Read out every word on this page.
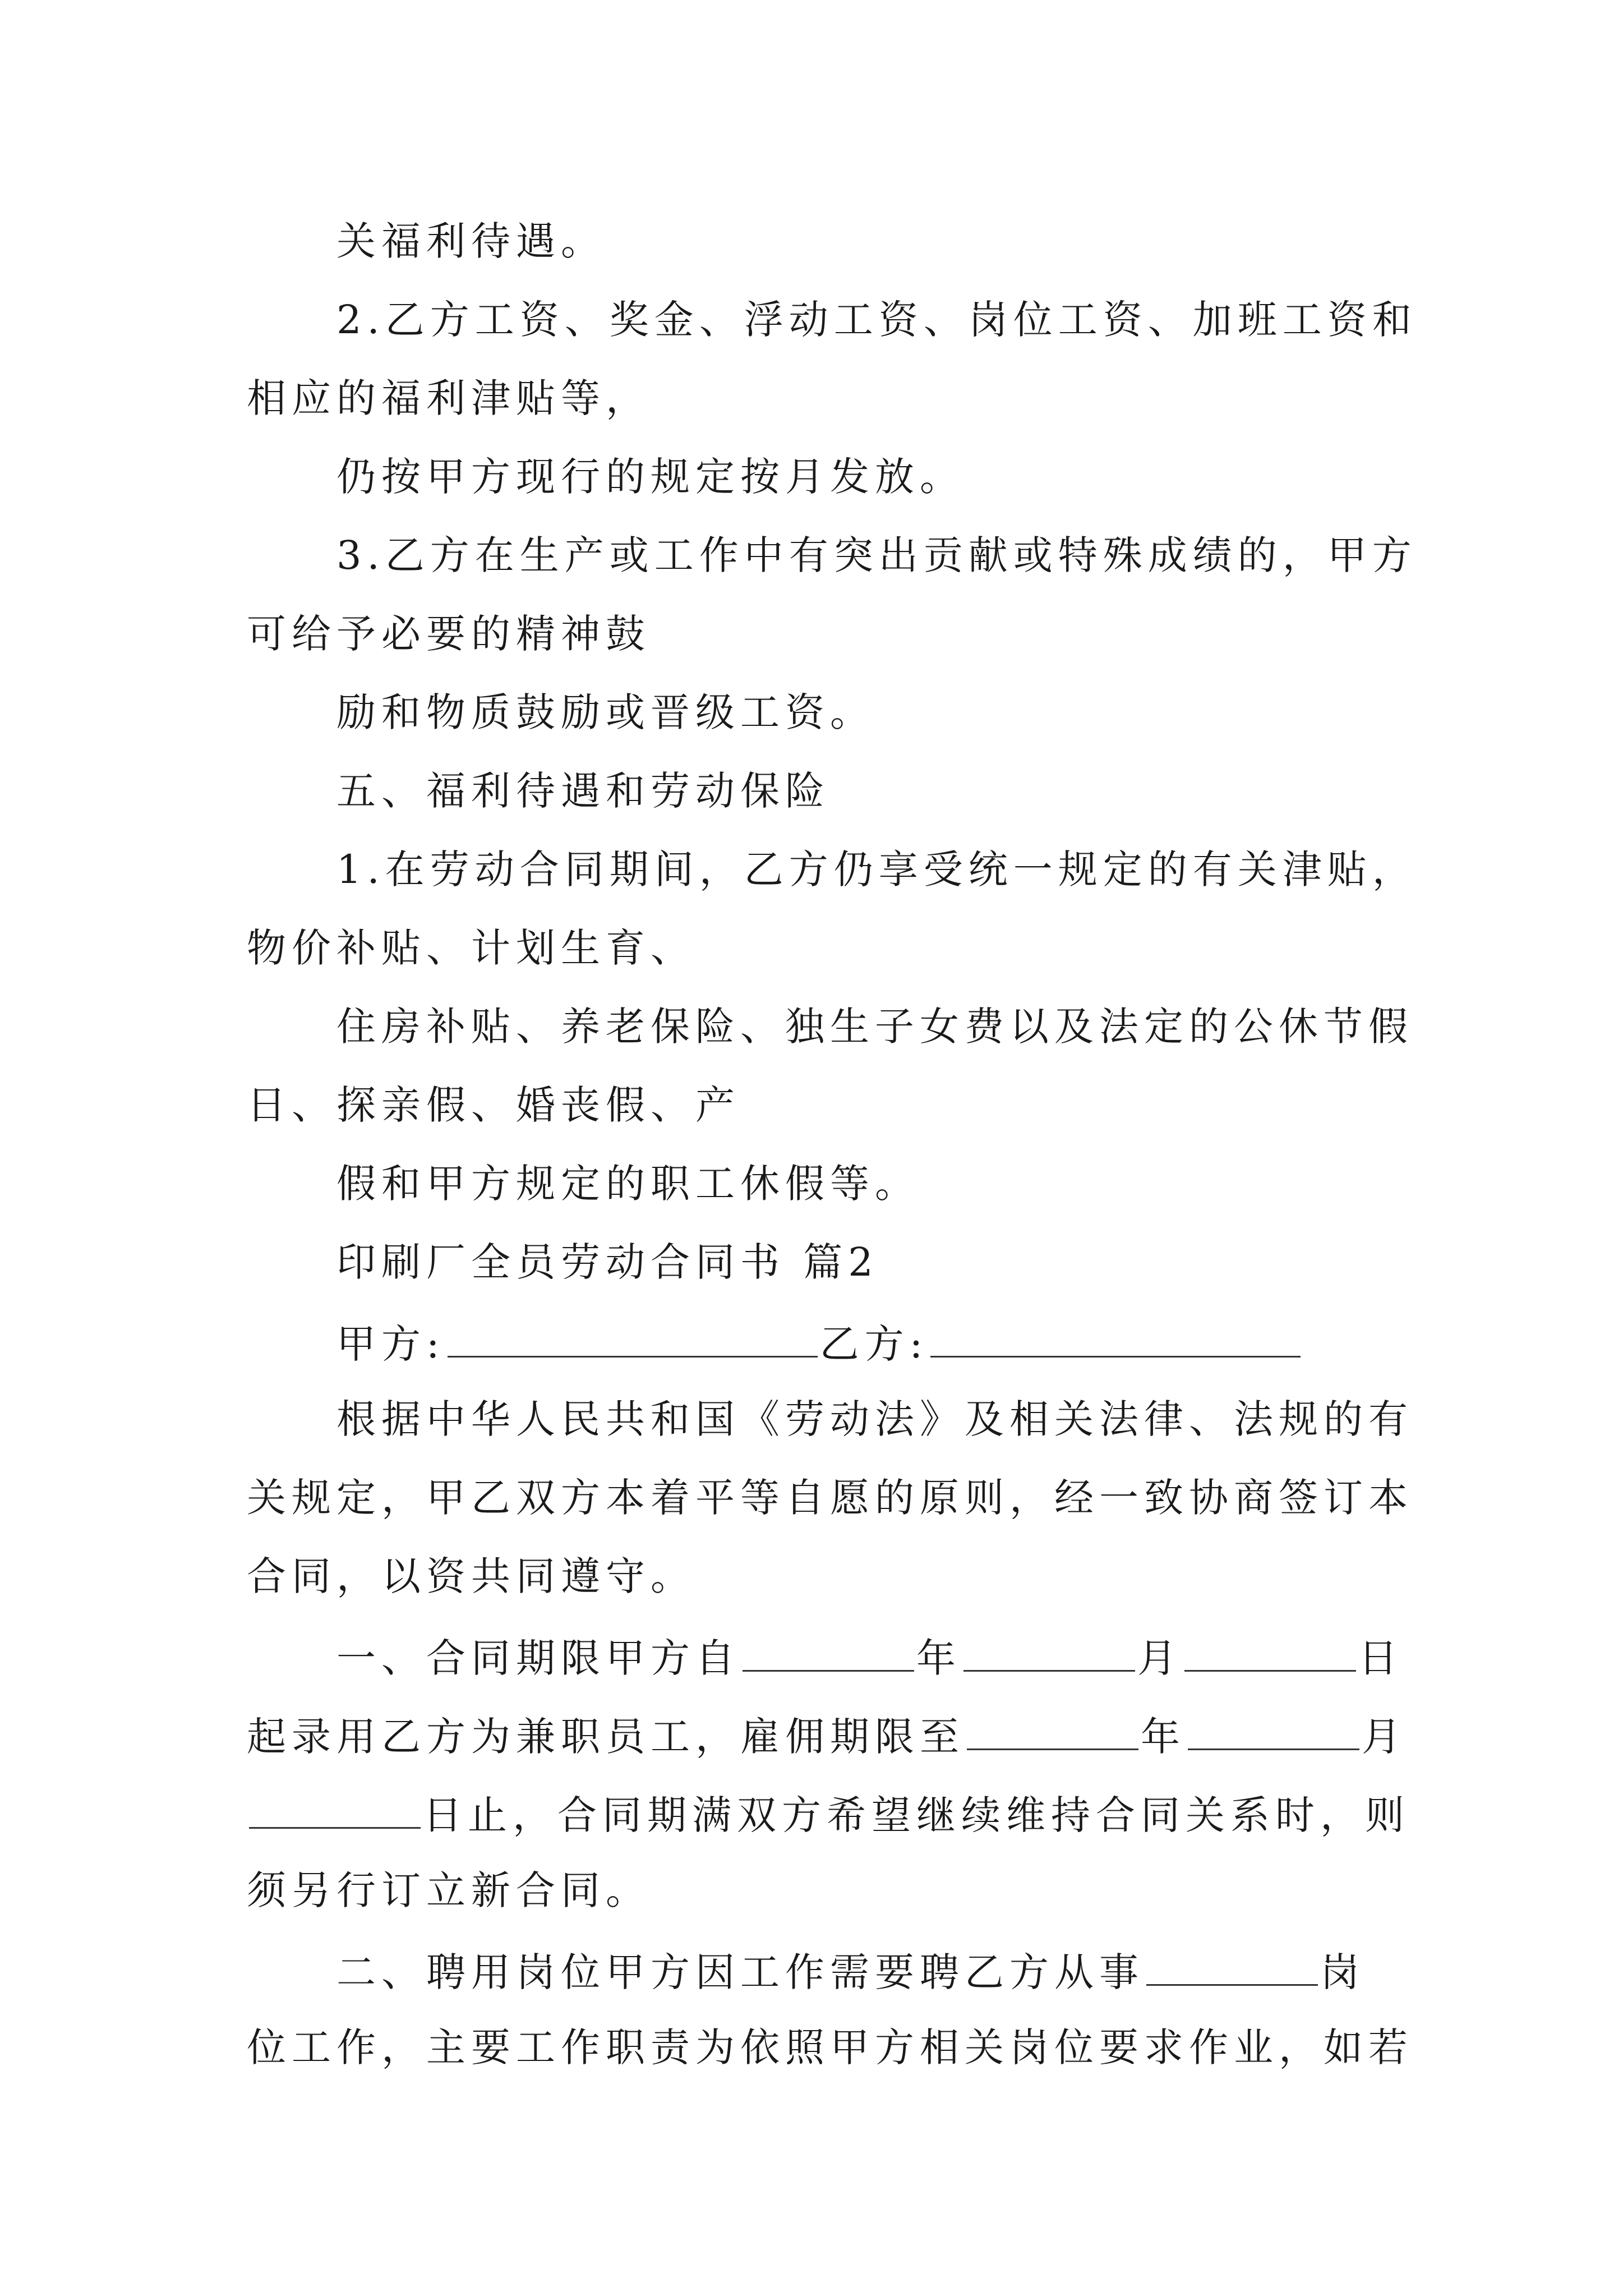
关福利待遇。
2.乙方工资、奖金、浮动工资、岗位工资、加班工资和
相应的福利津贴等，
仍按甲方现行的规定按月发放。
3.乙方在生产或工作中有突出贡献或特殊成绩的，甲方
可给予必要的精神鼓
励和物质鼓励或晋级工资。
五、福利待遇和劳动保险
1.在劳动合同期间，乙方仍享受统一规定的有关津贴，
物价补贴、计划生育、
住房补贴、养老保险、独生子女费以及法定的公休节假
日、探亲假、婚丧假、产
假和甲方规定的职工休假等。
印刷厂全员劳动合同书 篇2
甲方:	乙方:
根据中华人民共和国《劳动法》及相关法律、法规的有
关规定，甲乙双方本着平等自愿的原则，经一致协商签订本
合同，以资共同遵守。
一、合同期限甲方自	年	月	日
起录用乙方为兼职员工，雇佣期限至	年	月
日止，合同期满双方希望继续维持合同关系时，则
须另行订立新合同。
二、聘用岗位甲方因工作需要聘乙方从事	岗
位工作，主要工作职责为依照甲方相关岗位要求作业，如若
